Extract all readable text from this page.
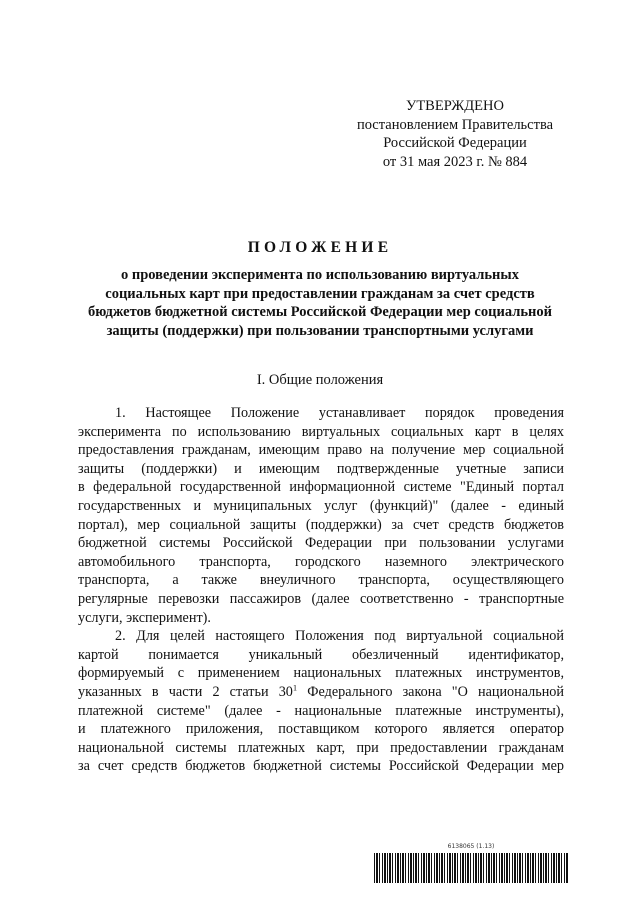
УТВЕРЖДЕНО
постановлением Правительства
Российской Федерации
от 31 мая 2023 г. № 884
ПОЛОЖЕНИЕ
о проведении эксперимента по использованию виртуальных
социальных карт при предоставлении гражданам за счет средств
бюджетов бюджетной системы Российской Федерации мер социальной
защиты (поддержки) при пользовании транспортными услугами
I. Общие положения
1. Настоящее Положение устанавливает порядок проведения
эксперимента по использованию виртуальных социальных карт в целях
предоставления гражданам, имеющим право на получение мер социальной
защиты (поддержки) и имеющим подтвержденные учетные записи
в федеральной государственной информационной системе "Единый портал
государственных и муниципальных услуг (функций)" (далее - единый
портал), мер социальной защиты (поддержки) за счет средств бюджетов
бюджетной системы Российской Федерации при пользовании услугами
автомобильного транспорта, городского наземного электрического
транспорта, а также внеуличного транспорта, осуществляющего
регулярные перевозки пассажиров (далее соответственно - транспортные
услуги, эксперимент).
2. Для целей настоящего Положения под виртуальной социальной
картой понимается уникальный обезличенный идентификатор,
формируемый с применением национальных платежных инструментов,
указанных в части 2 статьи $30^1$ Федерального закона "О национальной
платежной системе" (далее - национальные платежные инструменты),
и платежного приложения, поставщиком которого является оператор
национальной системы платежных карт, при предоставлении гражданам
за счет средств бюджетов бюджетной системы Российской Федерации мер
6138065 (1.13)
